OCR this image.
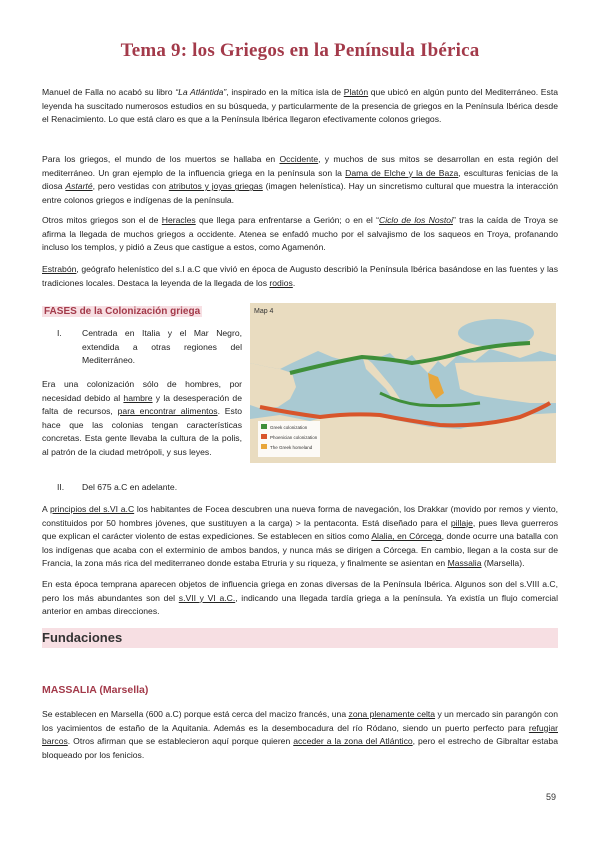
Tema 9: los Griegos en la Península Ibérica
Manuel de Falla no acabó su libro “La Atlántida”, inspirado en la mítica isla de Platón que ubicó en algún punto del Mediterráneo. Esta leyenda ha suscitado numerosos estudios en su búsqueda, y particularmente de la presencia de griegos en la Península Ibérica desde el Renacimiento. Lo que está claro es que a la Península Ibérica llegaron efectivamente colonos griegos.
Para los griegos, el mundo de los muertos se hallaba en Occidente, y muchos de sus mitos se desarrollan en esta región del mediterráneo. Un gran ejemplo de la influencia griega en la península son la Dama de Elche y la de Baza, esculturas fenicias de la diosa Astarté, pero vestidas con atributos y joyas griegas (imagen helenística). Hay un sincretismo cultural que muestra la interacción entre colonos griegos e indígenas de la península.
Otros mitos griegos son el de Heracles que llega para enfrentarse a Gerión; o en el “Ciclo de los Nostoi” tras la caída de Troya se afirma la llegada de muchos griegos a occidente. Atenea se enfadó mucho por el salvajismo de los saqueos en Troya, profanando incluso los templos, y pidió a Zeus que castigue a estos, como Agamenón.
Estrabón, geógrafo helenístico del s.I a.C que vivió en época de Augusto describió la Península Ibérica basándose en las fuentes y las tradiciones locales. Destaca la leyenda de la llegada de los rodios.
FASES de la Colonización griega
I. Centrada en Italia y el Mar Negro, extendida a otras regiones del Mediterráneo.
Era una colonización sólo de hombres, por necesidad debido al hambre y la desesperación de falta de recursos, para encontrar alimentos. Esto hace que las colonias tengan características concretas. Esta gente llevaba la cultura de la polis, al patrón de la ciudad metrópoli, y sus leyes.
Map 4
Greek colonization
Phoenician colonization
The Greek homeland
II. Del 675 a.C en adelante.
A principios del s.VI a.C los habitantes de Focea descubren una nueva forma de navegación, los Drakkar (movido por remos y viento, constituidos por 50 hombres jóvenes, que sustituyen a la carga) > la pentaconta. Está diseñado para el pillaje, pues lleva guerreros que explican el carácter violento de estas expediciones. Se establecen en sitios como Alalia, en Córcega, donde ocurre una batalla con los indígenas que acaba con el exterminio de ambos bandos, y nunca más se dirigen a Córcega. En cambio, llegan a la costa sur de Francia, la zona más rica del mediterraneo donde estaba Etruria y su riqueza, y finalmente se asientan en Massalia (Marsella).
En esta época temprana aparecen objetos de influencia griega en zonas diversas de la Península Ibérica. Algunos son del s.VIII a.C, pero los más abundantes son del s.VII y VI a.C., indicando una llegada tardía griega a la península. Ya existía un flujo comercial anterior en ambas direcciones.
Fundaciones
MASSALIA (Marsella)
Se establecen en Marsella (600 a.C) porque está cerca del macizo francés, una zona plenamente celta y un mercado sin parangón con los yacimientos de estaño de la Aquitania. Además es la desembocadura del río Ródano, siendo un puerto perfecto para refugiar barcos. Otros afirman que se establecieron aquí porque quieren acceder a la zona del Atlántico, pero el estrecho de Gibraltar estaba bloqueado por los fenicios.
59
